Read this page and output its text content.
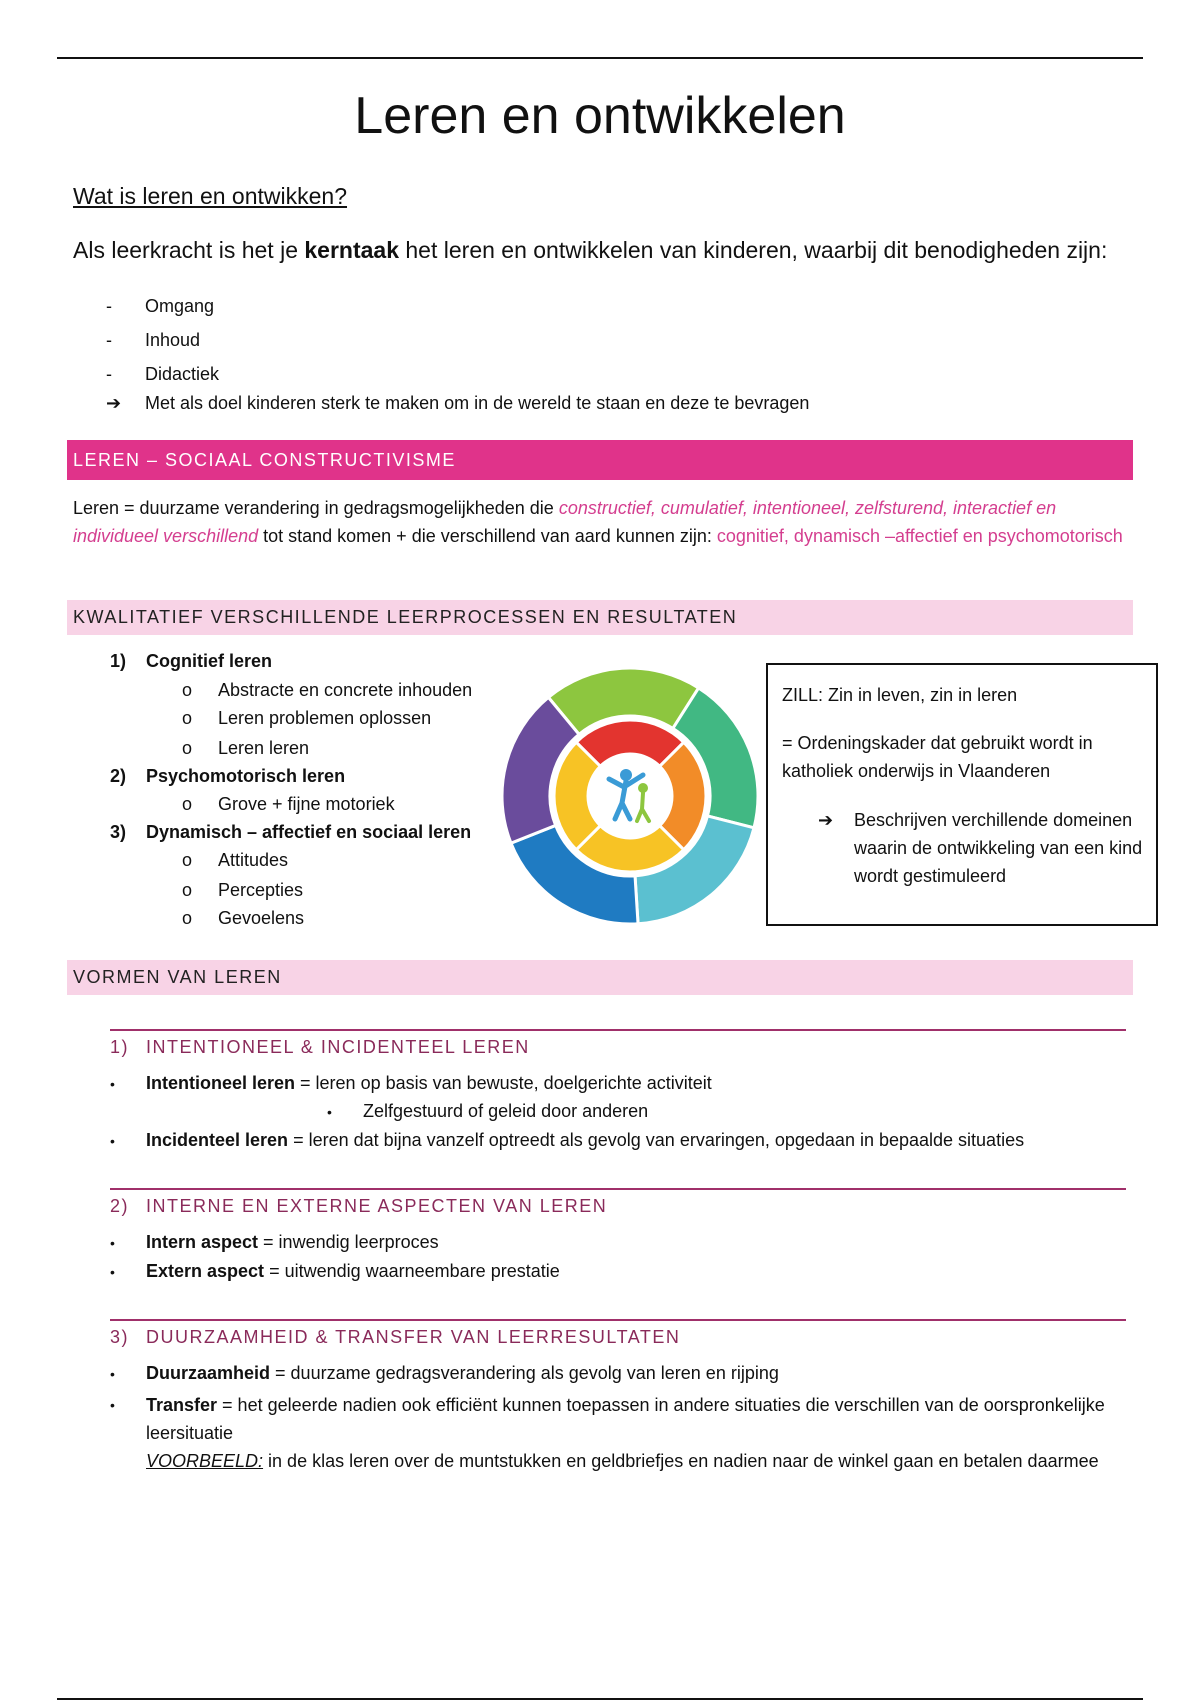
Leren en ontwikkelen
Wat is leren en ontwikken?
Als leerkracht is het je kerntaak het leren en ontwikkelen van kinderen, waarbij dit benodigheden zijn:
- Omgang
- Inhoud
- Didactiek
➔ Met als doel kinderen sterk te maken om in de wereld te staan en deze te bevragen
LEREN – SOCIAAL CONSTRUCTIVISME
Leren = duurzame verandering in gedragsmogelijkheden die constructief, cumulatief, intentioneel, zelfsturend, interactief en individueel verschillend tot stand komen + die verschillend van aard kunnen zijn: cognitief, dynamisch –affectief en psychomotorisch
KWALITATIEF VERSCHILLENDE LEERPROCESSEN EN RESULTATEN
1) Cognitief leren
o Abstracte en concrete inhouden
o Leren problemen oplossen
o Leren leren
2) Psychomotorisch leren
o Grove + fijne motoriek
3) Dynamisch – affectief en sociaal leren
o Attitudes
o Percepties
o Gevoelens

ZILL: Zin in leven, zin in leren

= Ordeningskader dat gebruikt wordt in katholiek onderwijs in Vlaanderen

➔	Beschrijven verchillende domeinen waarin de ontwikkeling van een kind wordt gestimuleerd

VORMEN VAN LEREN
1) INTENTIONEEL & INCIDENTEEL LEREN
• Intentioneel leren = leren op basis van bewuste, doelgerichte activiteit
• Zelfgestuurd of geleid door anderen
• Incidenteel leren = leren dat bijna vanzelf optreedt als gevolg van ervaringen, opgedaan in bepaalde situaties
2) INTERNE EN EXTERNE ASPECTEN VAN LEREN
• Intern aspect = inwendig leerproces
• Extern aspect = uitwendig waarneembare prestatie
3) DUURZAAMHEID & TRANSFER VAN LEERRESULTATEN
• Duurzaamheid = duurzame gedragsverandering als gevolg van leren en rijping
•	Transfer = het geleerde nadien ook efficiënt kunnen toepassen in andere situaties die verschillen van de oorspronkelijke leersituatie
VOORBEELD: in de klas leren over de muntstukken en geldbriefjes en nadien naar de winkel gaan en betalen daarmee
